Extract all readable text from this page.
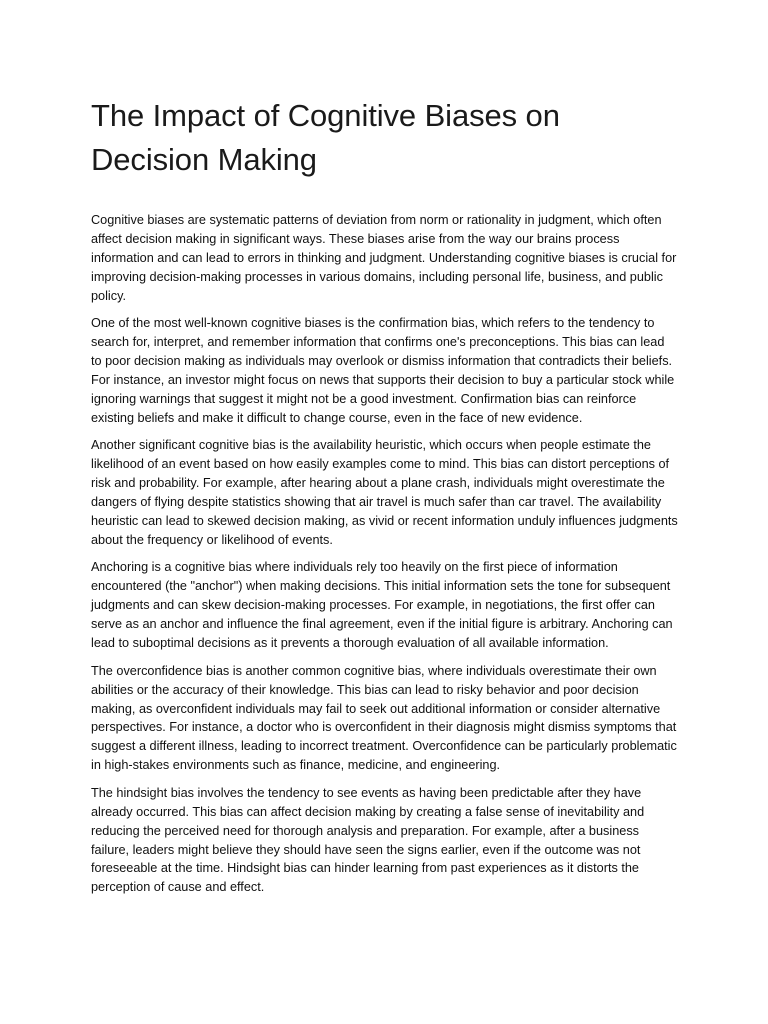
The Impact of Cognitive Biases on Decision Making

Cognitive biases are systematic patterns of deviation from norm or rationality in judgment, which often affect decision making in significant ways. These biases arise from the way our brains process information and can lead to errors in thinking and judgment. Understanding cognitive biases is crucial for improving decision-making processes in various domains, including personal life, business, and public policy.

One of the most well-known cognitive biases is the confirmation bias, which refers to the tendency to search for, interpret, and remember information that confirms one's preconceptions. This bias can lead to poor decision making as individuals may overlook or dismiss information that contradicts their beliefs. For instance, an investor might focus on news that supports their decision to buy a particular stock while ignoring warnings that suggest it might not be a good investment. Confirmation bias can reinforce existing beliefs and make it difficult to change course, even in the face of new evidence.

Another significant cognitive bias is the availability heuristic, which occurs when people estimate the likelihood of an event based on how easily examples come to mind. This bias can distort perceptions of risk and probability. For example, after hearing about a plane crash, individuals might overestimate the dangers of flying despite statistics showing that air travel is much safer than car travel. The availability heuristic can lead to skewed decision making, as vivid or recent information unduly influences judgments about the frequency or likelihood of events.

Anchoring is a cognitive bias where individuals rely too heavily on the first piece of information encountered (the "anchor") when making decisions. This initial information sets the tone for subsequent judgments and can skew decision-making processes. For example, in negotiations, the first offer can serve as an anchor and influence the final agreement, even if the initial figure is arbitrary. Anchoring can lead to suboptimal decisions as it prevents a thorough evaluation of all available information.

The overconfidence bias is another common cognitive bias, where individuals overestimate their own abilities or the accuracy of their knowledge. This bias can lead to risky behavior and poor decision making, as overconfident individuals may fail to seek out additional information or consider alternative perspectives. For instance, a doctor who is overconfident in their diagnosis might dismiss symptoms that suggest a different illness, leading to incorrect treatment. Overconfidence can be particularly problematic in high-stakes environments such as finance, medicine, and engineering.

The hindsight bias involves the tendency to see events as having been predictable after they have already occurred. This bias can affect decision making by creating a false sense of inevitability and reducing the perceived need for thorough analysis and preparation. For example, after a business failure, leaders might believe they should have seen the signs earlier, even if the outcome was not foreseeable at the time. Hindsight bias can hinder learning from past experiences as it distorts the perception of cause and effect.
